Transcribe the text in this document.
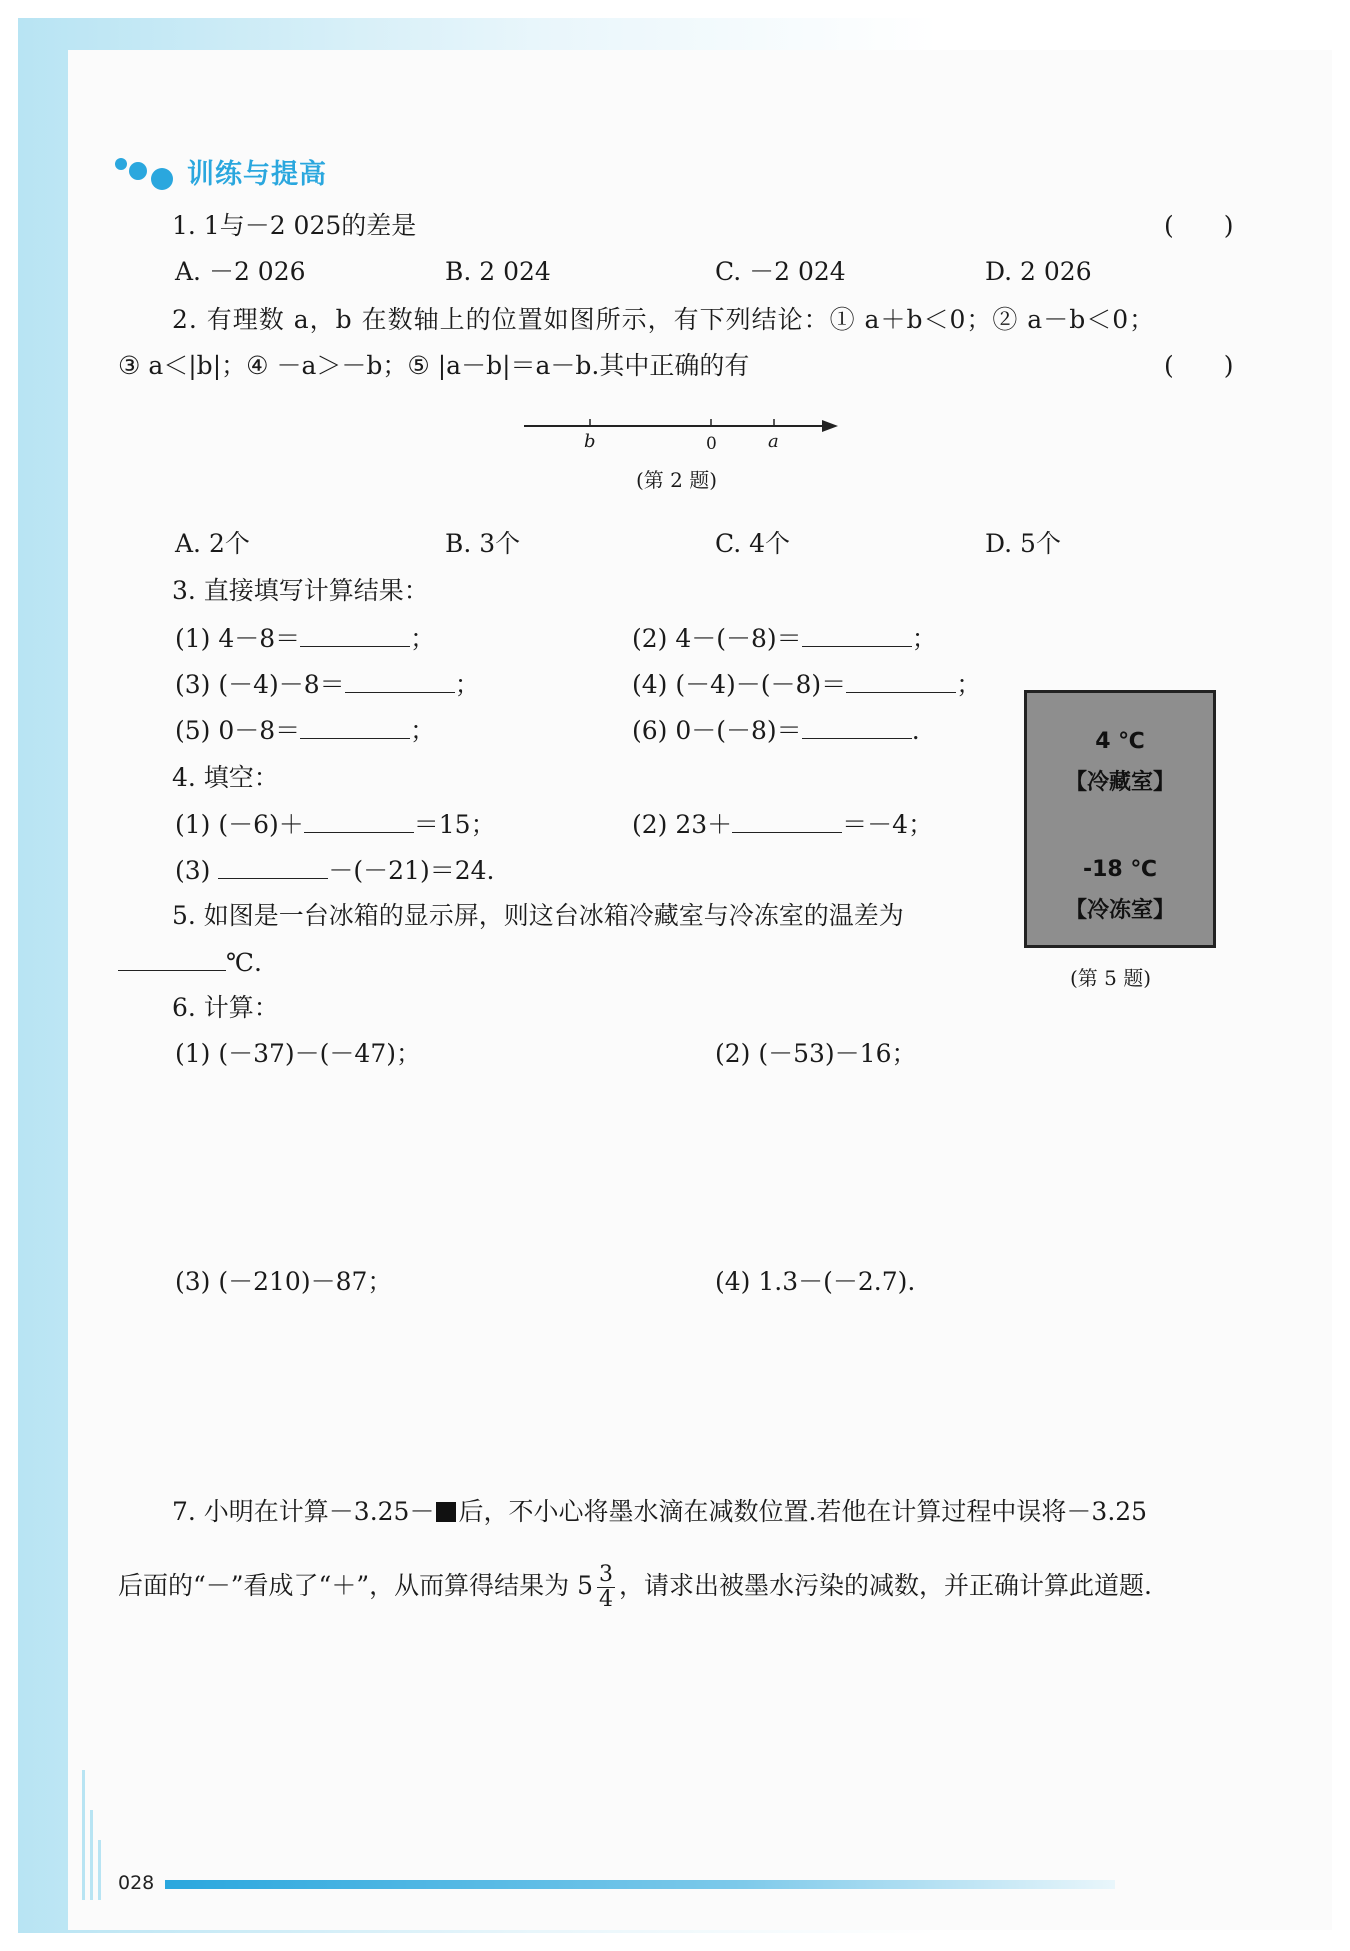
训练与提高
1. 1与－2 025的差是	(　　)
A. －2 026	B. 2 024	C. －2 024	D. 2 026
2. 有理数 a，b 在数轴上的位置如图所示，有下列结论：① a＋b＜0；② a－b＜0；
③ a＜|b|；④ －a＞－b；⑤ |a－b|＝a－b.其中正确的有	(　　)
b	0	a
(第 2 题)
A. 2个	B. 3个	C. 4个	D. 5个
3. 直接填写计算结果：
(1) 4－8＝	；	(2) 4－(－8)＝	；
(3) (－4)－8＝	；	(4) (－4)－(－8)＝	；
(5) 0－8＝	；	(6) 0－(－8)＝	.
4. 填空：
(1) (－6)＋	＝15；	(2) 23＋	＝－4；
(3)	－(－21)＝24.
5. 如图是一台冰箱的显示屏，则这台冰箱冷藏室与冷冻室的温差为
℃.
4 ℃
【冷藏室】
-18 ℃
【冷冻室】
(第 5 题)
6. 计算：
(1) (－37)－(－47)；	(2) (－53)－16；
(3) (－210)－87；	(4) 1.3－(－2.7).
7. 小明在计算－3.25－ 后，不小心将墨水滴在减数位置.若他在计算过程中误将－3.25
后面的“－”看成了“＋”，从而算得结果为 $5 \frac{3}{4}$ ，请求出被墨水污染的减数，并正确计算此道题.
028
